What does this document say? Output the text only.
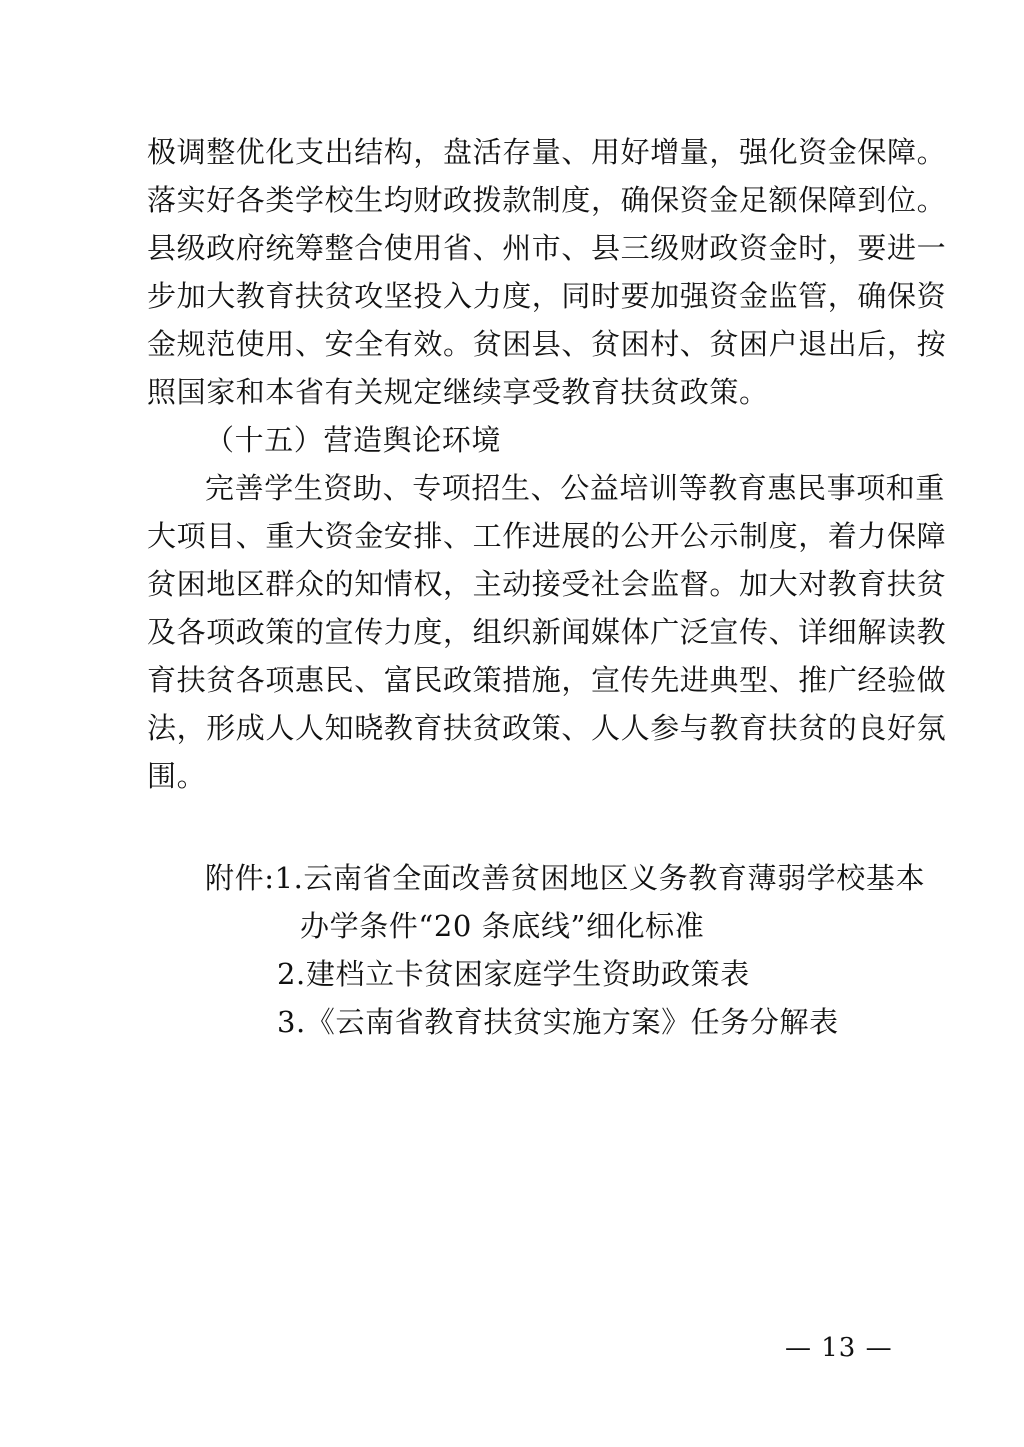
极调整优化支出结构，盘活存量、用好增量，强化资金保障。
落实好各类学校生均财政拨款制度，确保资金足额保障到位。
县级政府统筹整合使用省、州市、县三级财政资金时，要进一
步加大教育扶贫攻坚投入力度，同时要加强资金监管，确保资
金规范使用、安全有效。贫困县、贫困村、贫困户退出后，按
照国家和本省有关规定继续享受教育扶贫政策。
（十五）营造舆论环境
完善学生资助、专项招生、公益培训等教育惠民事项和重
大项目、重大资金安排、工作进展的公开公示制度，着力保障
贫困地区群众的知情权，主动接受社会监督。加大对教育扶贫
及各项政策的宣传力度，组织新闻媒体广泛宣传、详细解读教
育扶贫各项惠民、富民政策措施，宣传先进典型、推广经验做
法，形成人人知晓教育扶贫政策、人人参与教育扶贫的良好氛
围。
附件:1.云南省全面改善贫困地区义务教育薄弱学校基本
办学条件“20 条底线”细化标准
2.建档立卡贫困家庭学生资助政策表
3.《云南省教育扶贫实施方案》任务分解表
— 13 —
